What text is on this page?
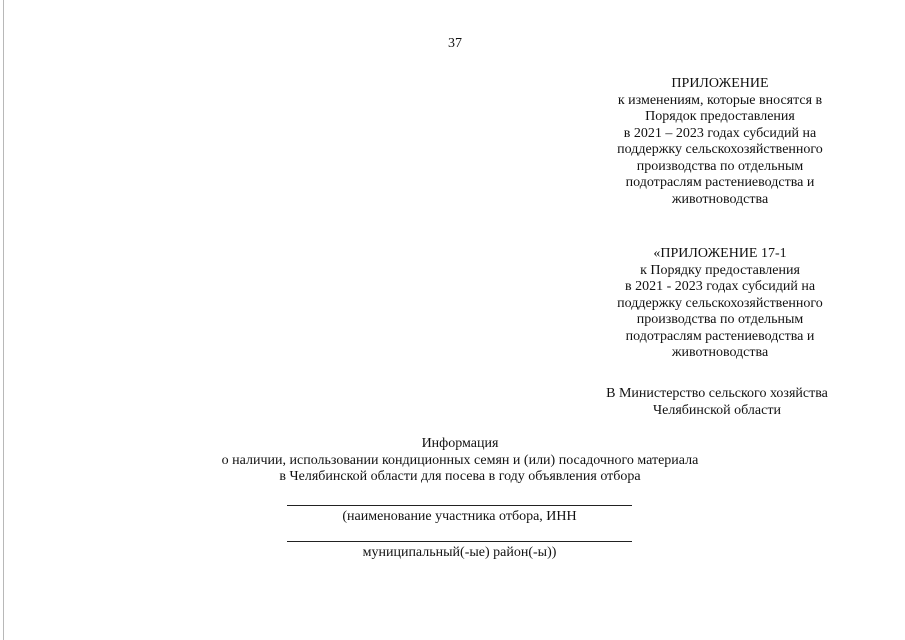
37
ПРИЛОЖЕНИЕ
к изменениям, которые вносятся в
Порядок предоставления
в 2021 – 2023 годах субсидий на
поддержку сельскохозяйственного
производства по отдельным
подотраслям растениеводства и
животноводства
«ПРИЛОЖЕНИЕ 17-1
к Порядку предоставления
в 2021 - 2023 годах субсидий на
поддержку сельскохозяйственного
производства по отдельным
подотраслям растениеводства и
животноводства
В Министерство сельского хозяйства
Челябинской области
Информация
о наличии, использовании кондиционных семян и (или) посадочного материала
в Челябинской области для посева в году объявления отбора
(наименование участника отбора, ИНН
муниципальный(-ые) район(-ы))
